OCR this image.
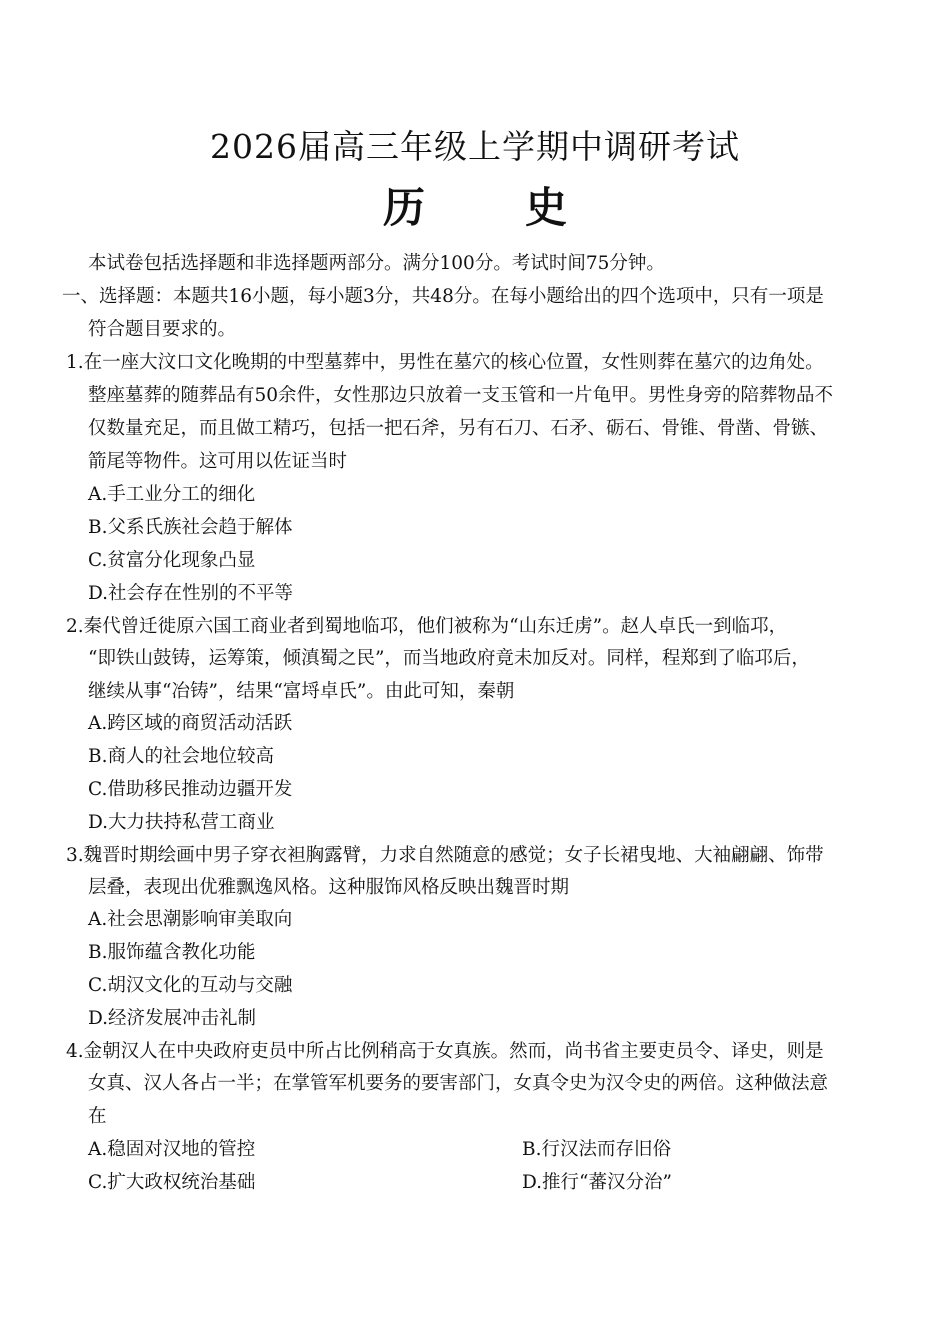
2026届高三年级上学期中调研考试
历 史
本试卷包括选择题和非选择题两部分。满分100分。考试时间75分钟。
一、选择题：本题共16小题，每小题3分，共48分。在每小题给出的四个选项中，只有一项是
符合题目要求的。
1.在一座大汶口文化晚期的中型墓葬中，男性在墓穴的核心位置，女性则葬在墓穴的边角处。
整座墓葬的随葬品有50余件，女性那边只放着一支玉管和一片龟甲。男性身旁的陪葬物品不
仅数量充足，而且做工精巧，包括一把石斧，另有石刀、石矛、砺石、骨锥、骨凿、骨镞、
箭尾等物件。这可用以佐证当时
A.手工业分工的细化
B.父系氏族社会趋于解体
C.贫富分化现象凸显
D.社会存在性别的不平等
2.秦代曾迁徙原六国工商业者到蜀地临邛，他们被称为“山东迁虏”。赵人卓氏一到临邛，
“即铁山鼓铸，运筹策，倾滇蜀之民”，而当地政府竟未加反对。同样，程郑到了临邛后，
继续从事“冶铸”，结果“富埒卓氏”。由此可知，秦朝
A.跨区域的商贸活动活跃
B.商人的社会地位较高
C.借助移民推动边疆开发
D.大力扶持私营工商业
3.魏晋时期绘画中男子穿衣袒胸露臂，力求自然随意的感觉；女子长裙曳地、大袖翩翩、饰带
层叠，表现出优雅飘逸风格。这种服饰风格反映出魏晋时期
A.社会思潮影响审美取向
B.服饰蕴含教化功能
C.胡汉文化的互动与交融
D.经济发展冲击礼制
4.金朝汉人在中央政府吏员中所占比例稍高于女真族。然而，尚书省主要吏员令、译史，则是
女真、汉人各占一半；在掌管军机要务的要害部门，女真令史为汉令史的两倍。这种做法意
在
A.稳固对汉地的管控	B.行汉法而存旧俗
C.扩大政权统治基础	D.推行“蕃汉分治”
